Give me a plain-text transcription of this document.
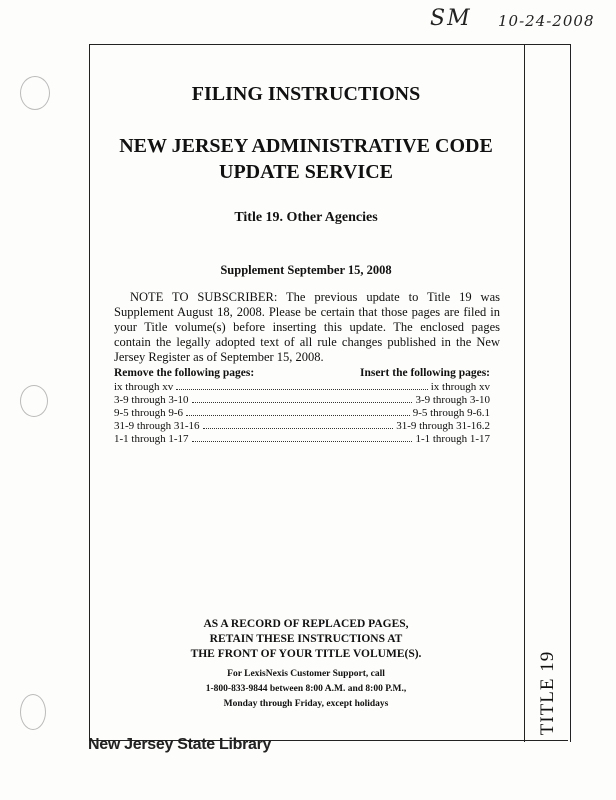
SM 10-24-2008
TITLE 19
FILING INSTRUCTIONS
NEW JERSEY ADMINISTRATIVE CODE
UPDATE SERVICE
Title 19. Other Agencies
Supplement September 15, 2008
NOTE TO SUBSCRIBER: The previous update to Title 19 was Supplement August 18, 2008. Please be certain that those pages are filed in your Title volume(s) before inserting this update. The enclosed pages contain the legally adopted text of all rule changes published in the New Jersey Register as of September 15, 2008.
Remove the following pages:	Insert the following pages:
ix through xv	ix through xv
3-9 through 3-10	3-9 through 3-10
9-5 through 9-6	9-5 through 9-6.1
31-9 through 31-16	31-9 through 31-16.2
1-1 through 1-17	1-1 through 1-17
AS A RECORD OF REPLACED PAGES,
RETAIN THESE INSTRUCTIONS AT
THE FRONT OF YOUR TITLE VOLUME(S).
For LexisNexis Customer Support, call
1-800-833-9844 between 8:00 A.M. and 8:00 P.M.,
Monday through Friday, except holidays
New Jersey State Library
